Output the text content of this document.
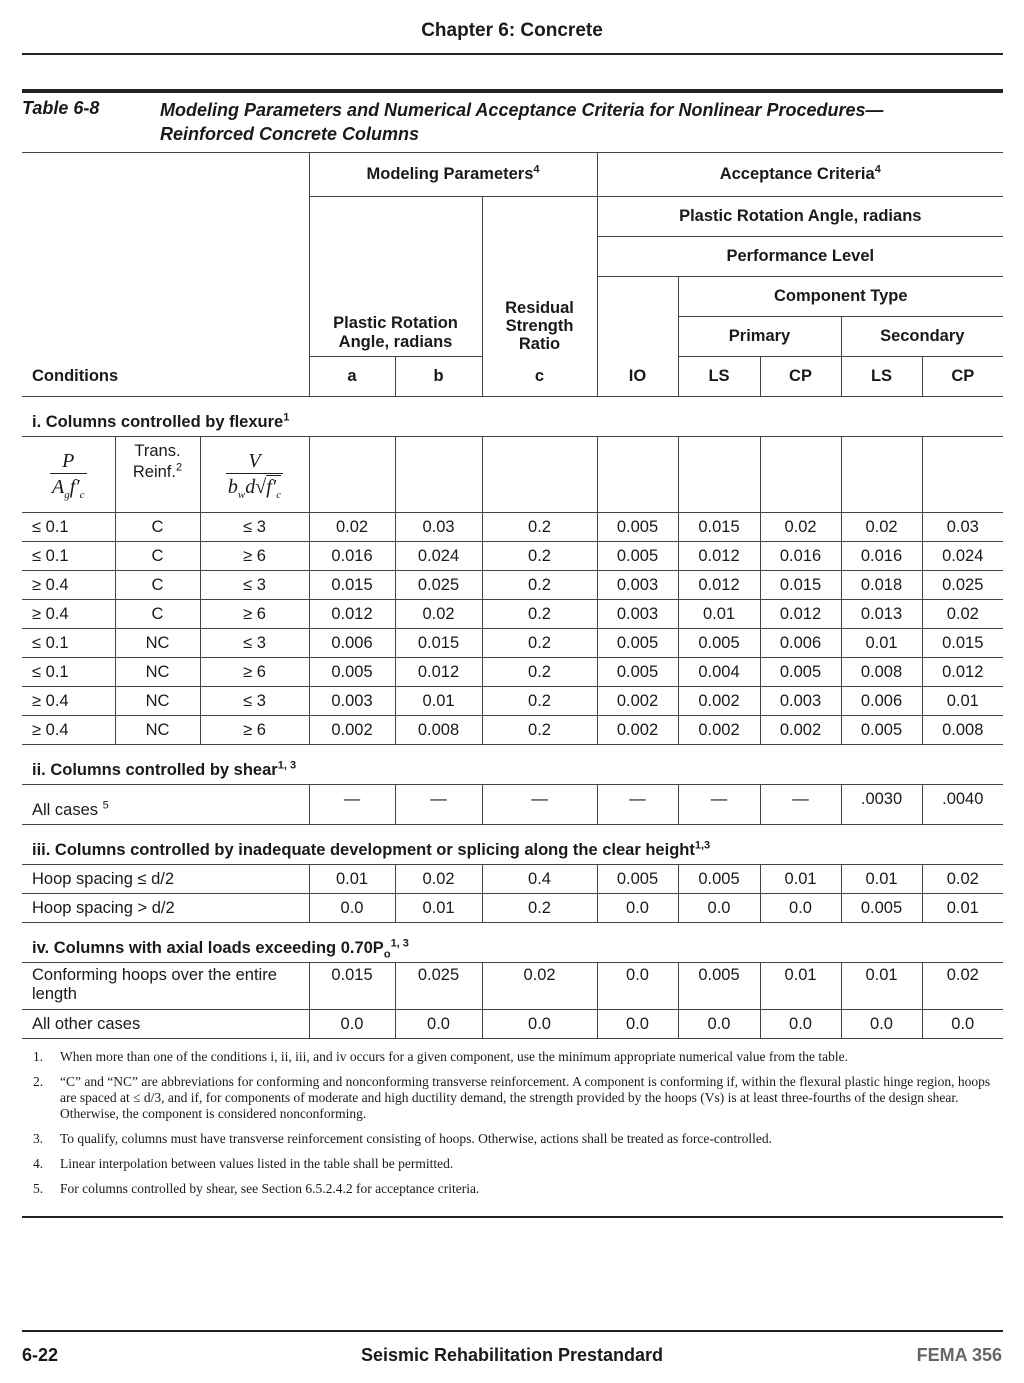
Chapter 6: Concrete
Table 6-8	Modeling Parameters and Numerical Acceptance Criteria for Nonlinear Procedures—Reinforced Concrete Columns
			Modeling Parameters$^4$			Acceptance Criteria$^4$
			Plastic Rotation Angle, radians		Residual Strength Ratio	Plastic Rotation Angle, radians				
						Performance Level				
							Component Type			
							Primary		Secondary	
Conditions			a	b	c	IO	LS	CP	LS	CP
i. Columns controlled by flexure$^1$

$\frac{P}{A_gf'_c}$	Trans. Reinf.$^2$	$\frac{V}{b_wd√f'_c}$

≤ 0.1	C	≤ 3	0.02	0.03	0.2	0.005	0.015	0.02	0.02	0.03
≤ 0.1	C	≥ 6	0.016	0.024	0.2	0.005	0.012	0.016	0.016	0.024
≥ 0.4	C	≤ 3	0.015	0.025	0.2	0.003	0.012	0.015	0.018	0.025
≥ 0.4	C	≥ 6	0.012	0.02	0.2	0.003	0.01	0.012	0.013	0.02
≤ 0.1	NC	≤ 3	0.006	0.015	0.2	0.005	0.005	0.006	0.01	0.015
≤ 0.1	NC	≥ 6	0.005	0.012	0.2	0.005	0.004	0.005	0.008	0.012
≥ 0.4	NC	≤ 3	0.003	0.01	0.2	0.002	0.002	0.003	0.006	0.01
≥ 0.4	NC	≥ 6	0.002	0.008	0.2	0.002	0.002	0.002	0.005	0.008
ii. Columns controlled by shear$^{1, 3}$
All cases $^5$			—	—	—	—	—	—	.0030	.0040
iii. Columns controlled by inadequate development or splicing along the clear height$^{1,3}$
Hoop spacing ≤ d/2			0.01	0.02	0.4	0.005	0.005	0.01	0.01	0.02
Hoop spacing > d/2			0.0	0.01	0.2	0.0	0.0	0.0	0.005	0.01
iv. Columns with axial loads exceeding $0.70P_o^{1, 3}$
Conforming hoops over the entire length			0.015	0.025	0.02	0.0	0.005	0.01	0.01	0.02
All other cases			0.0	0.0	0.0	0.0	0.0	0.0	0.0	0.0
1.	When more than one of the conditions i, ii, iii, and iv occurs for a given component, use the minimum appropriate numerical value from the table.
2.	“C” and “NC” are abbreviations for conforming and nonconforming transverse reinforcement. A component is conforming if, within the flexural plastic hinge region, hoops are spaced at ≤ d/3, and if, for components of moderate and high ductility demand, the strength provided by the hoops (Vs) is at least three-fourths of the design shear. Otherwise, the component is considered nonconforming.
3.	To qualify, columns must have transverse reinforcement consisting of hoops. Otherwise, actions shall be treated as force-controlled.
4.	Linear interpolation between values listed in the table shall be permitted.
5.	For columns controlled by shear, see Section 6.5.2.4.2 for acceptance criteria.
6-22	Seismic Rehabilitation Prestandard	FEMA 356
